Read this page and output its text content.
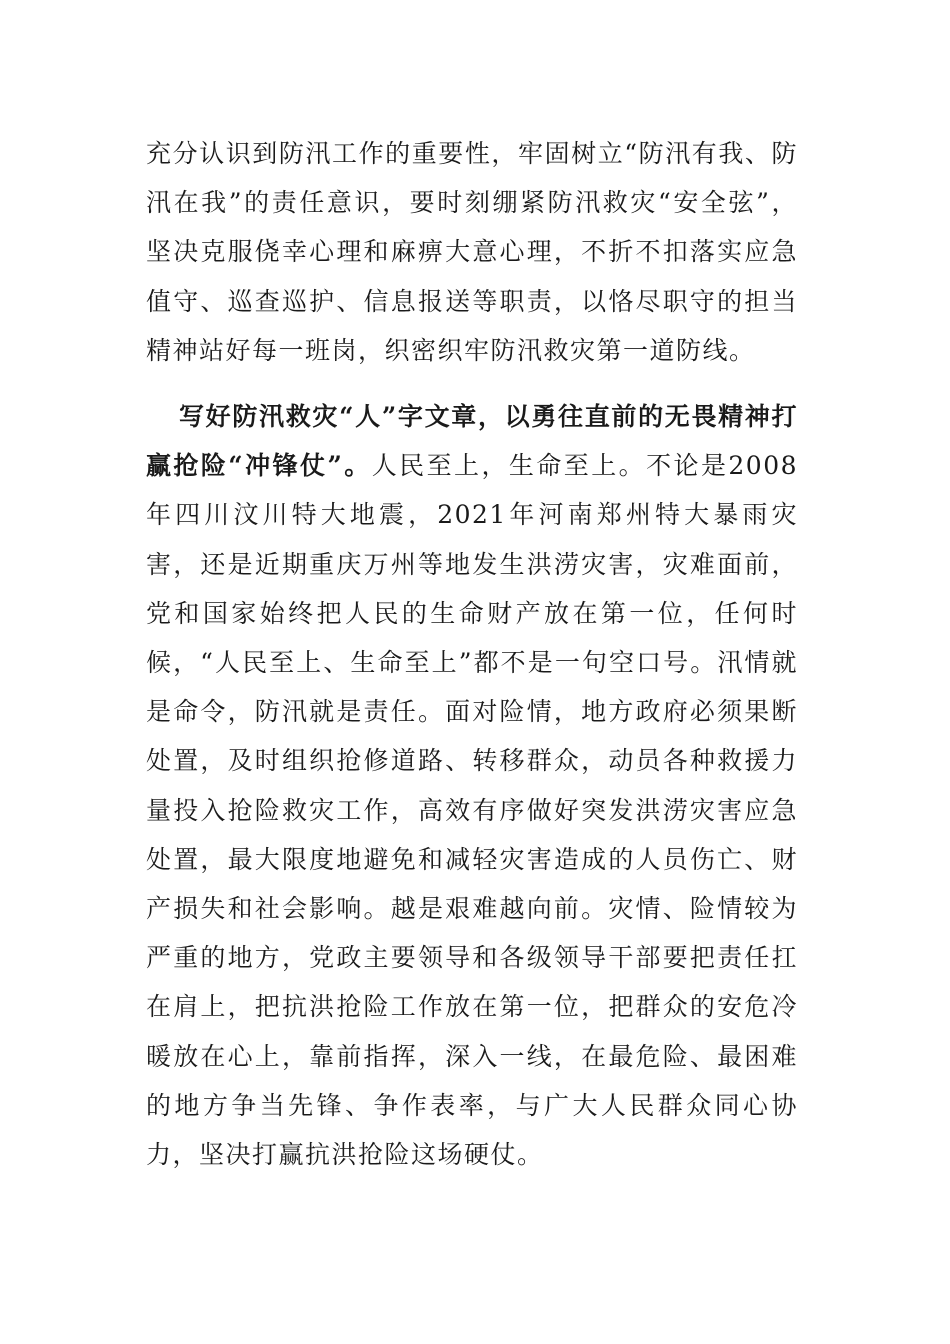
充分认识到防汛工作的重要性，牢固树立“防汛有我、防汛在我”的责任意识，要时刻绷紧防汛救灾“安全弦”，坚决克服侥幸心理和麻痹大意心理，不折不扣落实应急值守、巡查巡护、信息报送等职责，以恪尽职守的担当精神站好每一班岗，织密织牢防汛救灾第一道防线。

写好防汛救灾“人”字文章，以勇往直前的无畏精神打赢抢险“冲锋仗”。人民至上，生命至上。不论是2008年四川汶川特大地震，2021年河南郑州特大暴雨灾害，还是近期重庆万州等地发生洪涝灾害，灾难面前，党和国家始终把人民的生命财产放在第一位，任何时候，“人民至上、生命至上”都不是一句空口号。汛情就是命令，防汛就是责任。面对险情，地方政府必须果断处置，及时组织抢修道路、转移群众，动员各种救援力量投入抢险救灾工作，高效有序做好突发洪涝灾害应急处置，最大限度地避免和减轻灾害造成的人员伤亡、财产损失和社会影响。越是艰难越向前。灾情、险情较为严重的地方，党政主要领导和各级领导干部要把责任扛在肩上，把抗洪抢险工作放在第一位，把群众的安危冷暖放在心上，靠前指挥，深入一线，在最危险、最困难的地方争当先锋、争作表率，与广大人民群众同心协力，坚决打赢抗洪抢险这场硬仗。
